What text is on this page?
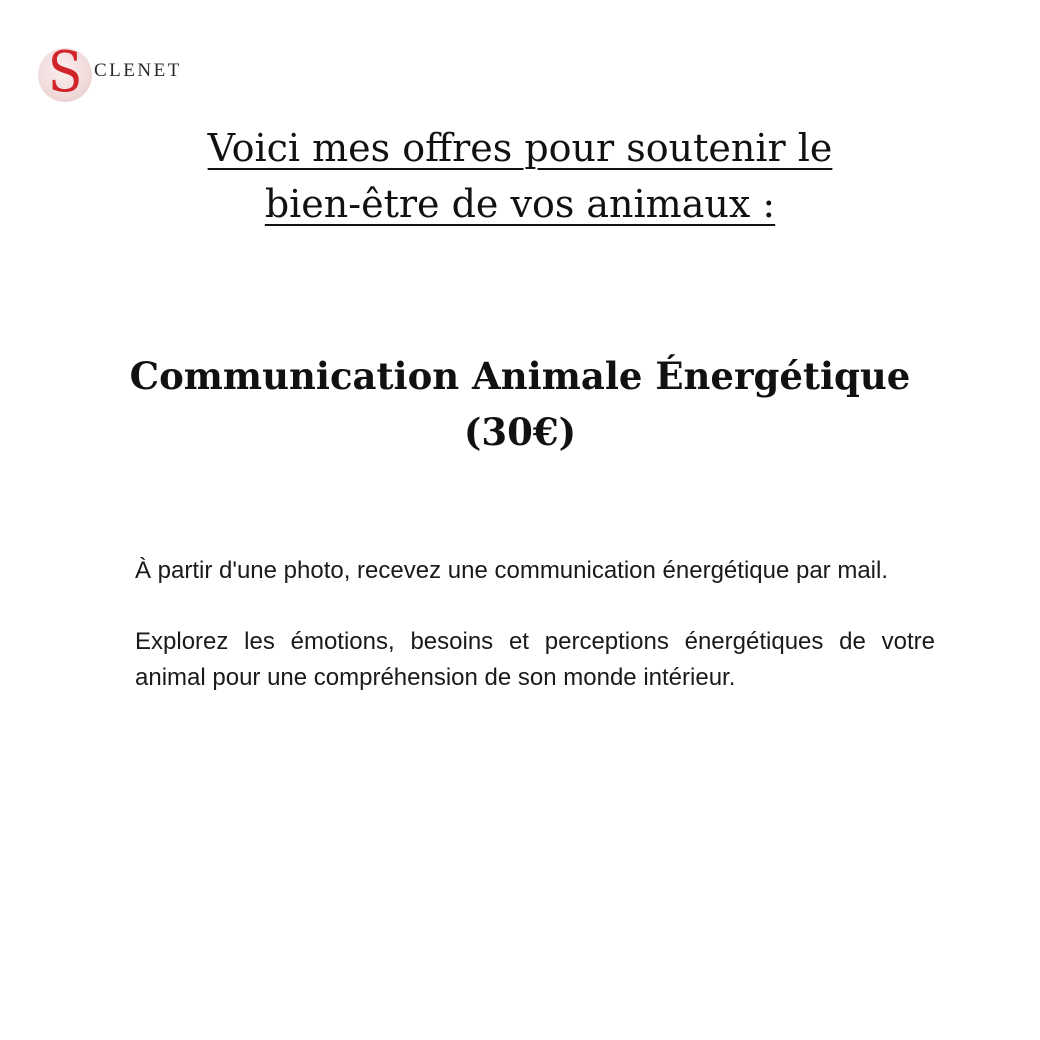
S CLENET
Voici mes offres pour soutenir le
bien-être de vos animaux :
Communication Animale Énergétique
(30€)

À partir d'une photo, recevez une communication énergétique par mail.

Explorez les émotions, besoins et perceptions énergétiques de votre animal pour une compréhension de son monde intérieur.
